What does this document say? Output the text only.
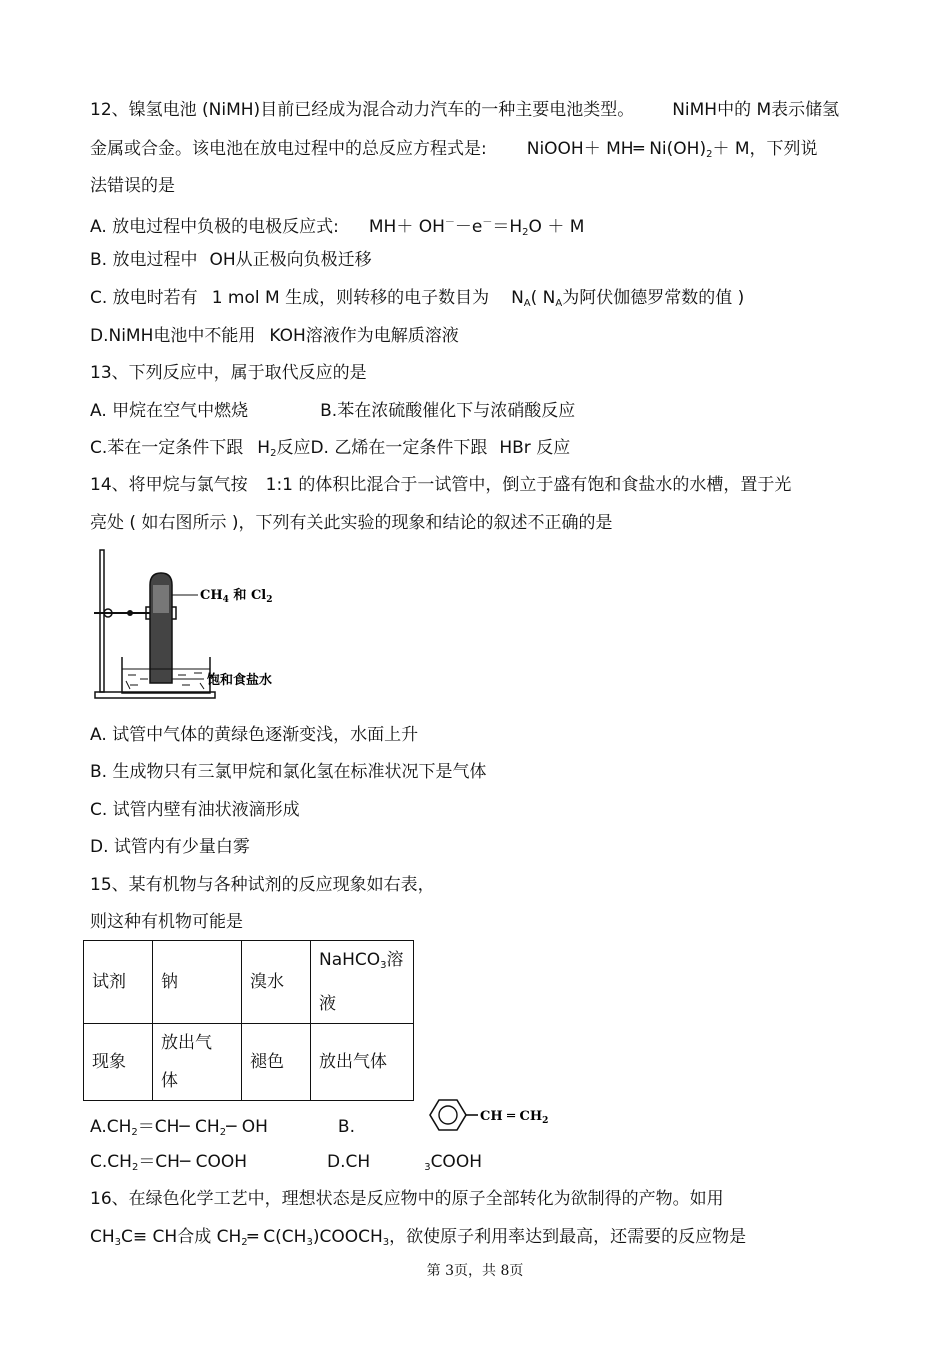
12、镍氢电池 (NiMH)目前已经成为混合动力汽车的一种主要电池类型。 NiMH中的 M表示储氢
金属或合金。该电池在放电过程中的总反应方程式是: NiOOH＋ MH═ $Ni(OH)_2+ M$，下列说
法错误的是
A. 放电过程中负极的电极反应式: $MH+ OH^--e^-=H_2O + M$
B. 放电过程中 OH从正极向负极迁移
C. 放电时若有 1 mol M 生成，则转移的电子数目为 $N_A$( $N_A$为阿伏伽德罗常数的值 )
D.NiMH电池中不能用 KOH溶液作为电解质溶液
13、下列反应中，属于取代反应的是
A. 甲烷在空气中燃烧	B.苯在浓硫酸催化下与浓硝酸反应
C.苯在一定条件下跟 $H_2$反应D. 乙烯在一定条件下跟 HBr 反应
14、将甲烷与氯气按 1:1 的体积比混合于一试管中，倒立于盛有饱和食盐水的水槽，置于光
亮处 ( 如右图所示 )，下列有关此实验的现象和结论的叙述不正确的是
$CH_4$ 和 $Cl_2$
饱和食盐水
A. 试管中气体的黄绿色逐渐变浅，水面上升
B. 生成物只有三氯甲烷和氯化氢在标准状况下是气体
C. 试管内壁有油状液滴形成
D. 试管内有少量白雾
15、某有机物与各种试剂的反应现象如右表，
则这种有机物可能是
试剂	钠	溴水	NaHCO$_3$溶
液
现象	放出气
体	褪色	放出气体
$A.CH_2=CH─$ $CH_2─$ OH	B.
CH ═ $CH_2$
$C.CH_2=CH─$ COOH	D.CH	$_3$COOH
16、在绿色化学工艺中，理想状态是反应物中的原子全部转化为欲制得的产物。如用
$CH_3C\equiv$ CH合成 $CH_2═$ $C(CH_3)COOCH_3$，欲使原子利用率达到最高，还需要的反应物是
第 3页，共 8页
